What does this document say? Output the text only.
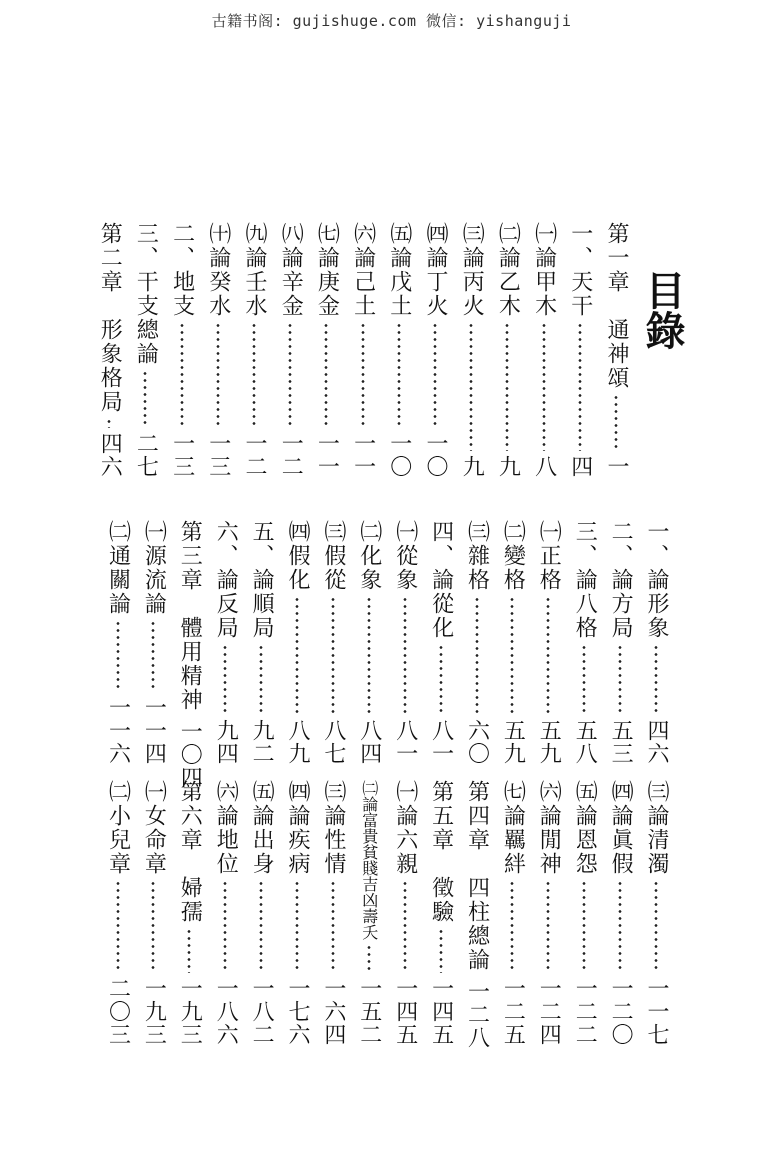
古籍书阁: gujishuge.com 微信: yishanguji
目錄
第一章　通神頌
一
一、天干
四
㈠論甲木
八
㈡論乙木
九
㈢論丙火
九
㈣論丁火
一〇
㈤論戊土
一〇
㈥論己土
一一
㈦論庚金
一一
㈧論辛金
一二
㈨論壬水
一二
㈩論癸水
一三
二、地支
一三
三、干支總論
二七
第二章　形象格局
四六
一、論形象
四六
二、論方局
五三
三、論八格
五八
㈠正格
五九
㈡變格
五九
㈢雜格
六〇
四、論從化
八一
㈠從象
八一
㈡化象
八四
㈢假從
八七
㈣假化
八九
五、論順局
九二
六、論反局
九四
第三章　體用精神
一〇四
㈠源流論
一一四
㈡通關論
一一六
㈢論清濁
一一七
㈣論眞假
一二〇
㈤論恩怨
一二二
㈥論閒神
一二四
㈦論羈絆
一二五
第四章　四柱總論
一二八
第五章　徵驗
一四五
㈠論六親
一四五
㈡論富貴貧賤吉凶壽夭
一五二
㈢論性情
一六四
㈣論疾病
一七六
㈤論出身
一八二
㈥論地位
一八六
第六章　婦孺
一九三
㈠女命章
一九三
㈡小兒章
二〇三
